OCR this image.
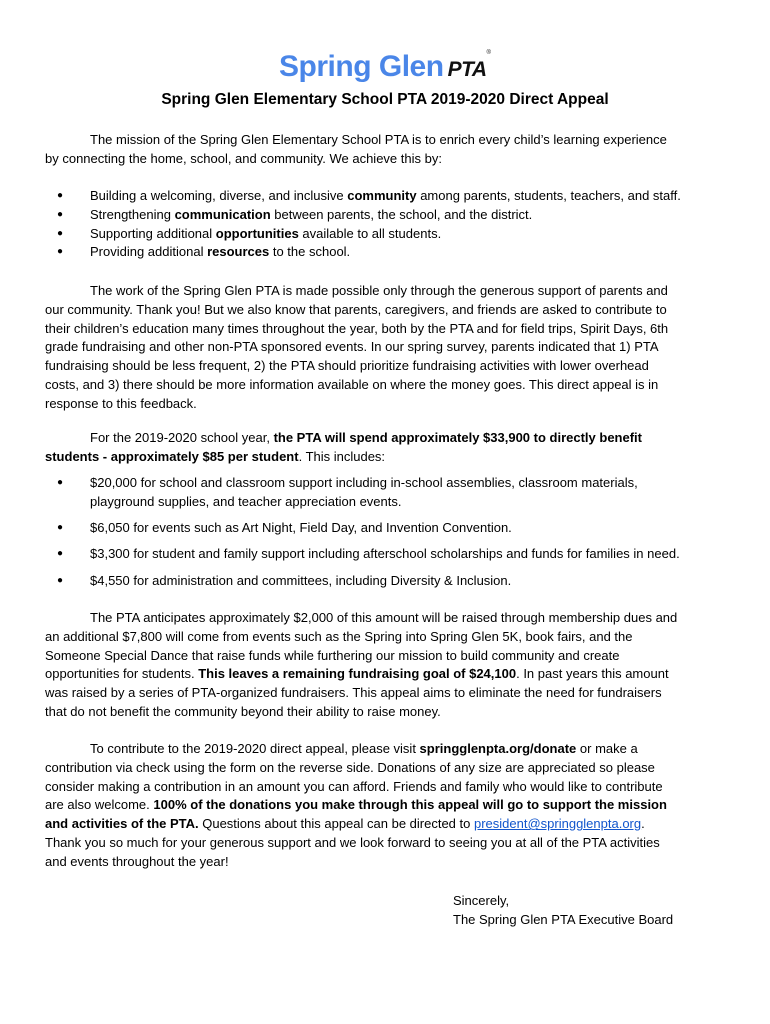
Spring Glen PTA®
Spring Glen Elementary School PTA 2019-2020 Direct Appeal
The mission of the Spring Glen Elementary School PTA is to enrich every child’s learning experience
by connecting the home, school, and community. We achieve this by:
● Building a welcoming, diverse, and inclusive community among parents, students, teachers, and staff.
● Strengthening communication between parents, the school, and the district.
● Supporting additional opportunities available to all students.
● Providing additional resources to the school.
The work of the Spring Glen PTA is made possible only through the generous support of parents and
our community. Thank you! But we also know that parents, caregivers, and friends are asked to contribute to
their children’s education many times throughout the year, both by the PTA and for field trips, Spirit Days, 6th
grade fundraising and other non-PTA sponsored events. In our spring survey, parents indicated that 1) PTA
fundraising should be less frequent, 2) the PTA should prioritize fundraising activities with lower overhead
costs, and 3) there should be more information available on where the money goes. This direct appeal is in
response to this feedback.
For the 2019-2020 school year, the PTA will spend approximately $33,900 to directly benefit
students - approximately $85 per student. This includes:
● $20,000 for school and classroom support including in-school assemblies, classroom materials,
playground supplies, and teacher appreciation events.
● $6,050 for events such as Art Night, Field Day, and Invention Convention.
● $3,300 for student and family support including afterschool scholarships and funds for families in need.
● $4,550 for administration and committees, including Diversity & Inclusion.
The PTA anticipates approximately $2,000 of this amount will be raised through membership dues and
an additional $7,800 will come from events such as the Spring into Spring Glen 5K, book fairs, and the
Someone Special Dance that raise funds while furthering our mission to build community and create
opportunities for students. This leaves a remaining fundraising goal of $24,100. In past years this amount
was raised by a series of PTA-organized fundraisers. This appeal aims to eliminate the need for fundraisers
that do not benefit the community beyond their ability to raise money.
To contribute to the 2019-2020 direct appeal, please visit springglenpta.org/donate or make a
contribution via check using the form on the reverse side. Donations of any size are appreciated so please
consider making a contribution in an amount you can afford. Friends and family who would like to contribute
are also welcome. 100% of the donations you make through this appeal will go to support the mission
and activities of the PTA. Questions about this appeal can be directed to president@springglenpta.org.
Thank you so much for your generous support and we look forward to seeing you at all of the PTA activities
and events throughout the year!
Sincerely,
The Spring Glen PTA Executive Board
